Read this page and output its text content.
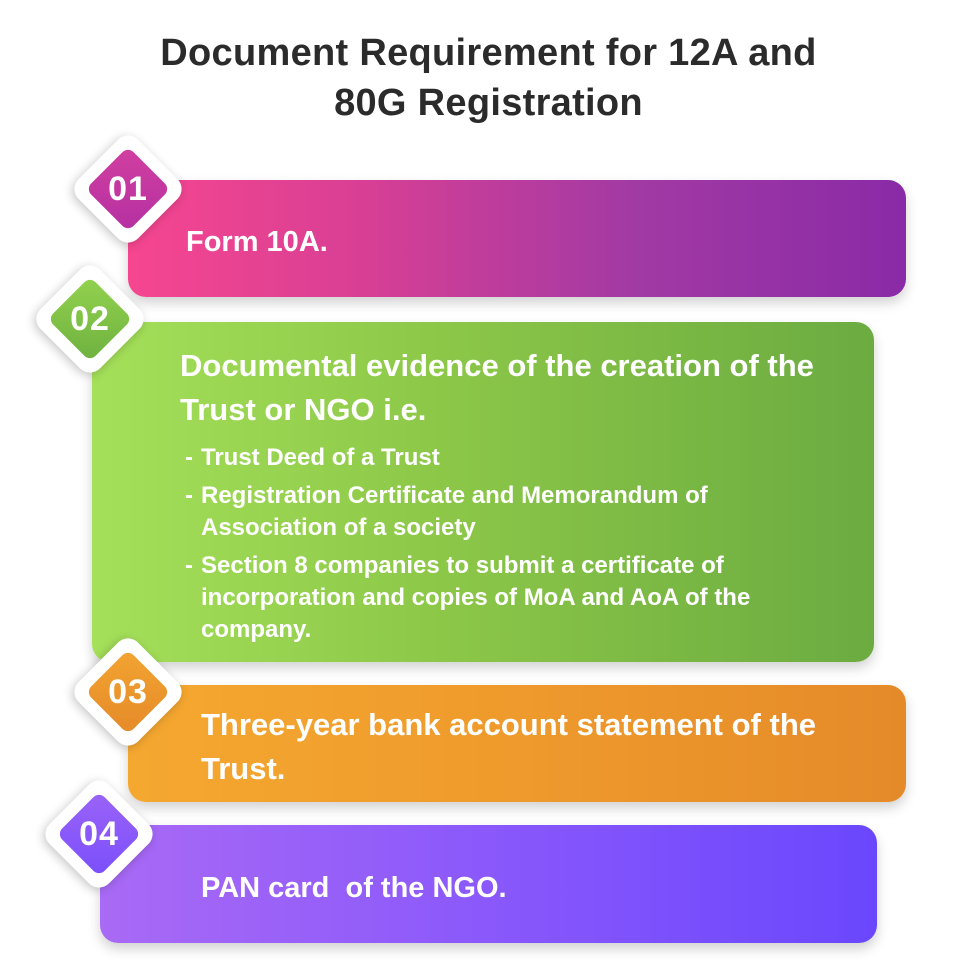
Document Requirement for 12A and
80G Registration
Form 10A.
Documental evidence of the creation of the Trust or NGO i.e.
- Trust Deed of a Trust
- Registration Certificate and Memorandum of Association of a society
- Section 8 companies to submit a certificate of incorporation and copies of MoA and AoA of the company.
Three-year bank account statement of the Trust.
PAN card  of the NGO.
01
02
03
04
